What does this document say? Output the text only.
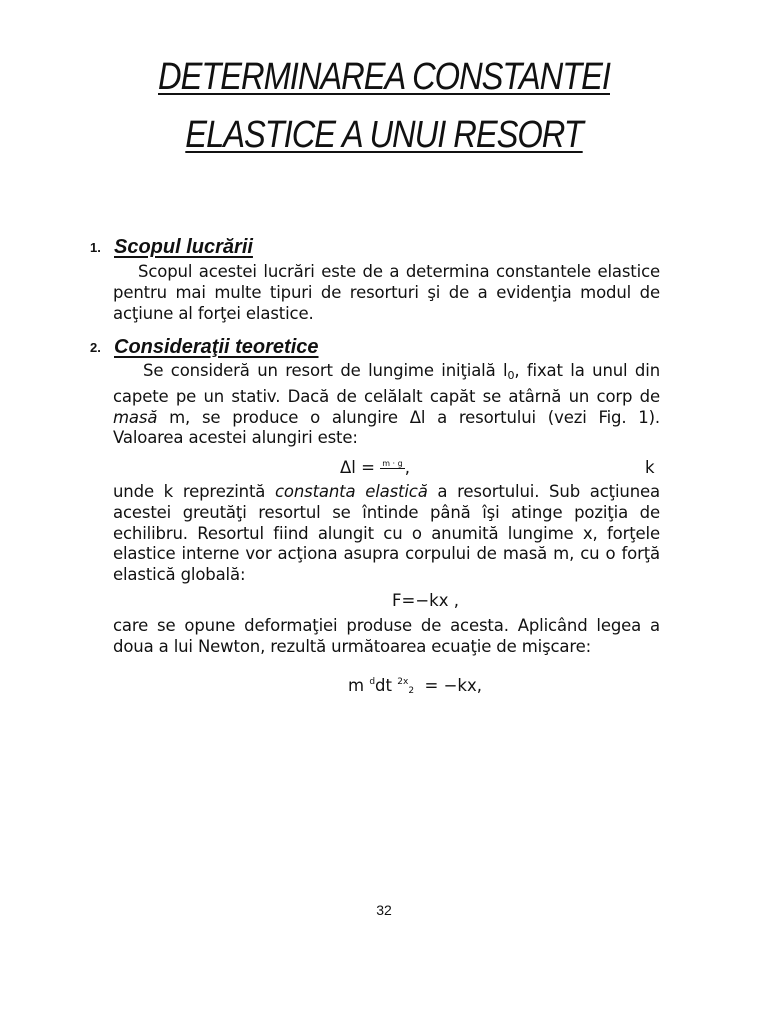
DETERMINAREA CONSTANTEI
ELASTICE A UNUI RESORT
1. Scopul lucrării

Scopul acestei lucrări este de a determina constantele elastice pentru mai multe tipuri de resorturi şi de a evidenţia modul de acţiune al forţei elastice.

2. Consideraţii teoretice

Se consideră un resort de lungime iniţială l0, fixat la unul din capete pe un stativ. Dacă de celălalt capăt se atârnă un corp de masă m, se produce o alungire Δl a resortului (vezi Fig. 1). Valoarea acestei alungiri este:

Δl = $^{m \cdot g}$ ,	k

unde k reprezintă constanta elastică a resortului. Sub acţiunea acestei greutăţi resortul se întinde până îşi atinge poziţia de echilibru. Resortul fiind alungit cu o anumită lungime x, forţele elastice interne vor acţiona asupra corpului de masă m, cu o forţă elastică globală:

F=−kx ,

care se opune deformaţiei produse de acesta. Aplicând legea a doua a lui Newton, rezultă următoarea ecuaţie de mişcare:

m $^d$dt $^{2x}_2$  = −kx,
32
